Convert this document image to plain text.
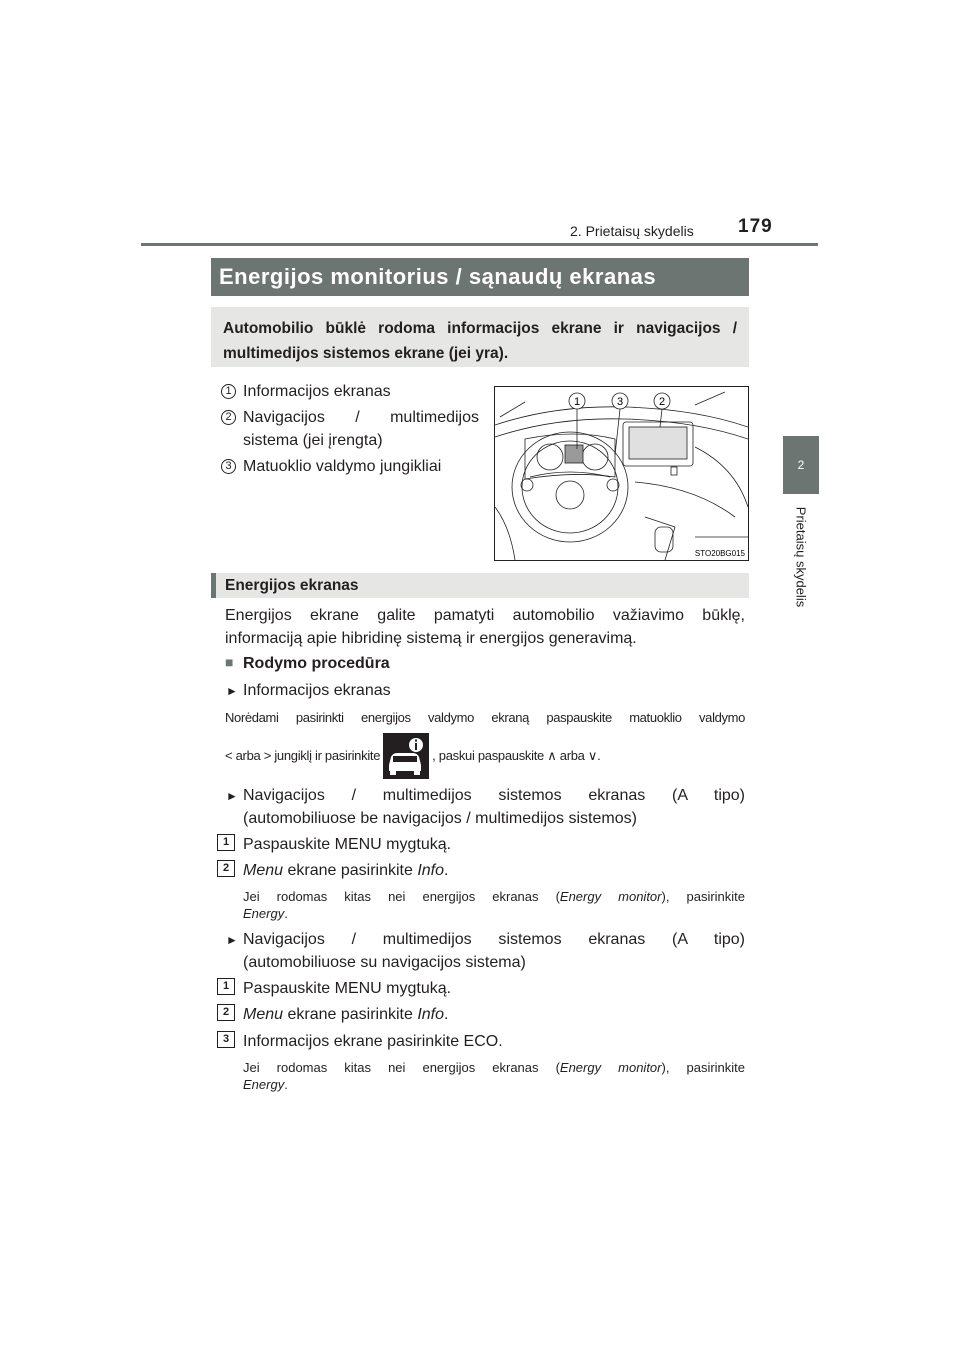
2. Prietaisų skydelis 179
2
Prietaisų skydelis
Energijos monitorius / sąnaudų ekranas
Automobilio būklė rodoma informacijos ekrane ir navigacijos /
multimedijos sistemos ekrane (jei yra).
1 Informacijos ekranas
2 Navigacijos / multimedijos
sistema (jei įrengta)
3 Matuoklio valdymo jungikliai
1	3	2
STO20BG015
Energijos ekranas
Energijos ekrane galite pamatyti automobilio važiavimo būklę,
informaciją apie hibridinę sistemą ir energijos generavimą.
■ Rodymo procedūra
► Informacijos ekranas
Norėdami pasirinkti energijos valdymo ekraną paspauskite matuoklio valdymo
< arba > jungiklį ir pasirinkite	, paskui paspauskite ∧ arba ∨.
► Navigacijos / multimedijos sistemos ekranas (A tipo)
(automobiliuose be navigacijos / multimedijos sistemos)
1 Paspauskite MENU mygtuką.
2 Menu ekrane pasirinkite Info.
Jei rodomas kitas nei energijos ekranas (Energy monitor), pasirinkite
Energy.
► Navigacijos / multimedijos sistemos ekranas (A tipo)
(automobiliuose su navigacijos sistema)
1 Paspauskite MENU mygtuką.
2 Menu ekrane pasirinkite Info.
3 Informacijos ekrane pasirinkite ECO.
Jei rodomas kitas nei energijos ekranas (Energy monitor), pasirinkite
Energy.
